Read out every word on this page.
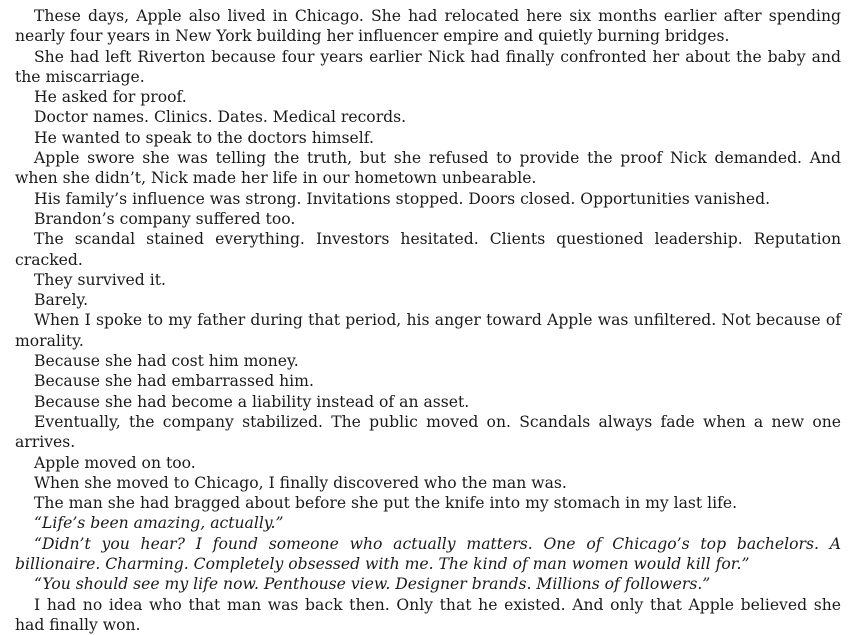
These days, Apple also lived in Chicago. She had relocated here six months earlier after spending nearly four years in New York building her influencer empire and quietly burning bridges.

She had left Riverton because four years earlier Nick had finally confronted her about the baby and the miscarriage.

He asked for proof.

Doctor names. Clinics. Dates. Medical records.

He wanted to speak to the doctors himself.

Apple swore she was telling the truth, but she refused to provide the proof Nick demanded. And when she didn’t, Nick made her life in our hometown unbearable.

His family’s influence was strong. Invitations stopped. Doors closed. Opportunities vanished.

Brandon’s company suffered too.

The scandal stained everything. Investors hesitated. Clients questioned leadership. Reputation cracked.

They survived it.

Barely.

When I spoke to my father during that period, his anger toward Apple was unfiltered. Not because of morality.

Because she had cost him money.

Because she had embarrassed him.

Because she had become a liability instead of an asset.

Eventually, the company stabilized. The public moved on. Scandals always fade when a new one arrives.

Apple moved on too.

When she moved to Chicago, I finally discovered who the man was.

The man she had bragged about before she put the knife into my stomach in my last life.

“Life’s been amazing, actually.”

“Didn’t you hear? I found someone who actually matters. One of Chicago’s top bachelors. A billionaire. Charming. Completely obsessed with me. The kind of man women would kill for.”

“You should see my life now. Penthouse view. Designer brands. Millions of followers.”

I had no idea who that man was back then. Only that he existed. And only that Apple believed she had finally won.
